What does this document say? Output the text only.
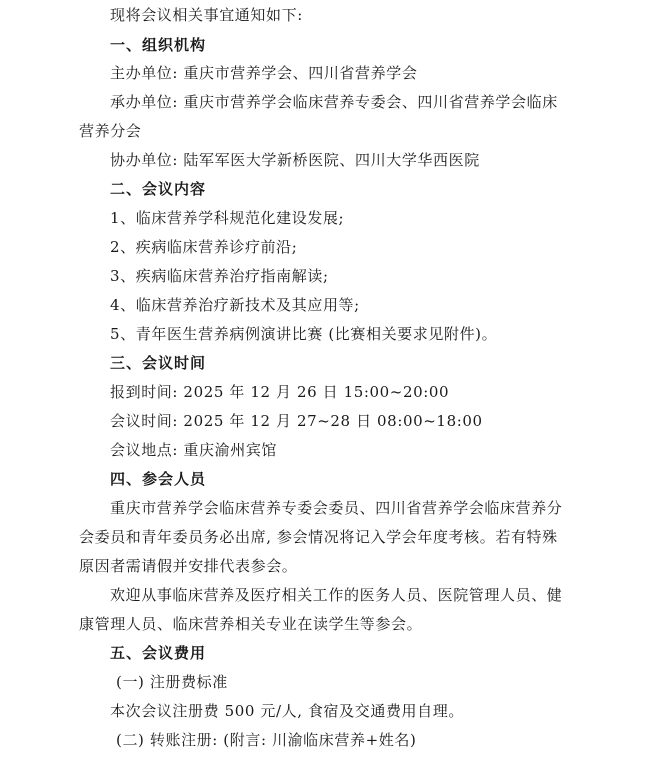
现将会议相关事宜通知如下:
一、组织机构
主办单位: 重庆市营养学会、四川省营养学会
承办单位: 重庆市营养学会临床营养专委会、四川省营养学会临床
营养分会
协办单位: 陆军军医大学新桥医院、四川大学华西医院
二、会议内容
1、临床营养学科规范化建设发展;
2、疾病临床营养诊疗前沿;
3、疾病临床营养治疗指南解读;
4、临床营养治疗新技术及其应用等;
5、青年医生营养病例演讲比赛 (比赛相关要求见附件)。
三、会议时间
报到时间: 2025 年 12 月 26 日 15:00~20:00
会议时间: 2025 年 12 月 27~28 日 08:00~18:00
会议地点: 重庆渝州宾馆
四、参会人员
重庆市营养学会临床营养专委会委员、四川省营养学会临床营养分
会委员和青年委员务必出席, 参会情况将记入学会年度考核。若有特殊
原因者需请假并安排代表参会。
欢迎从事临床营养及医疗相关工作的医务人员、医院管理人员、健
康管理人员、临床营养相关专业在读学生等参会。
五、会议费用
(一) 注册费标准
本次会议注册费 500 元/人, 食宿及交通费用自理。
(二) 转账注册: (附言: 川渝临床营养+姓名)
